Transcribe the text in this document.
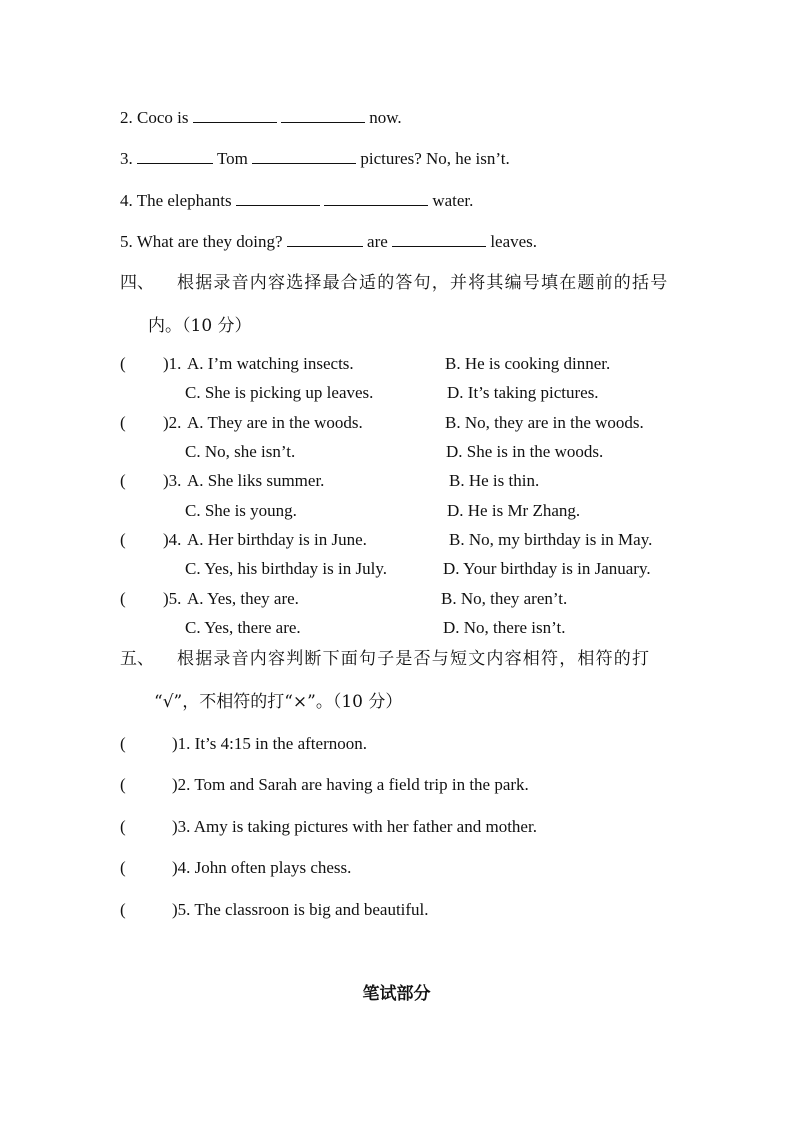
2. Coco is	now.
3.	Tom	pictures? No, he isn’t.
4. The elephants	water.
5. What are they doing?	are	leaves.
四、 根据录音内容选择最合适的答句，并将其编号填在题前的括号
内。（10 分）
( )1. A. I’m watching insects.	B. He is cooking dinner.
C. She is picking up leaves.	D. It’s taking pictures.
( )2. A. They are in the woods.	B. No, they are in the woods.
C. No, she isn’t.	D. She is in the woods.
( )3. A. She liks summer.	B. He is thin.
C. She is young.	D. He is Mr Zhang.
( )4. A. Her birthday is in June.	B. No, my birthday is in May.
C. Yes, his birthday is in July.	D. Your birthday is in January.
( )5. A. Yes, they are.	B. No, they aren’t.
C. Yes, there are.	D. No, there isn’t.
五、 根据录音内容判断下面句子是否与短文内容相符，相符的打
“√”，不相符的打“×”。（10 分）
(	)1. It’s 4:15 in the afternoon.
(	)2. Tom and Sarah are having a field trip in the park.
(	)3. Amy is taking pictures with her father and mother.
(	)4. John often plays chess.
(	)5. The classroon is big and beautiful.
笔试部分
